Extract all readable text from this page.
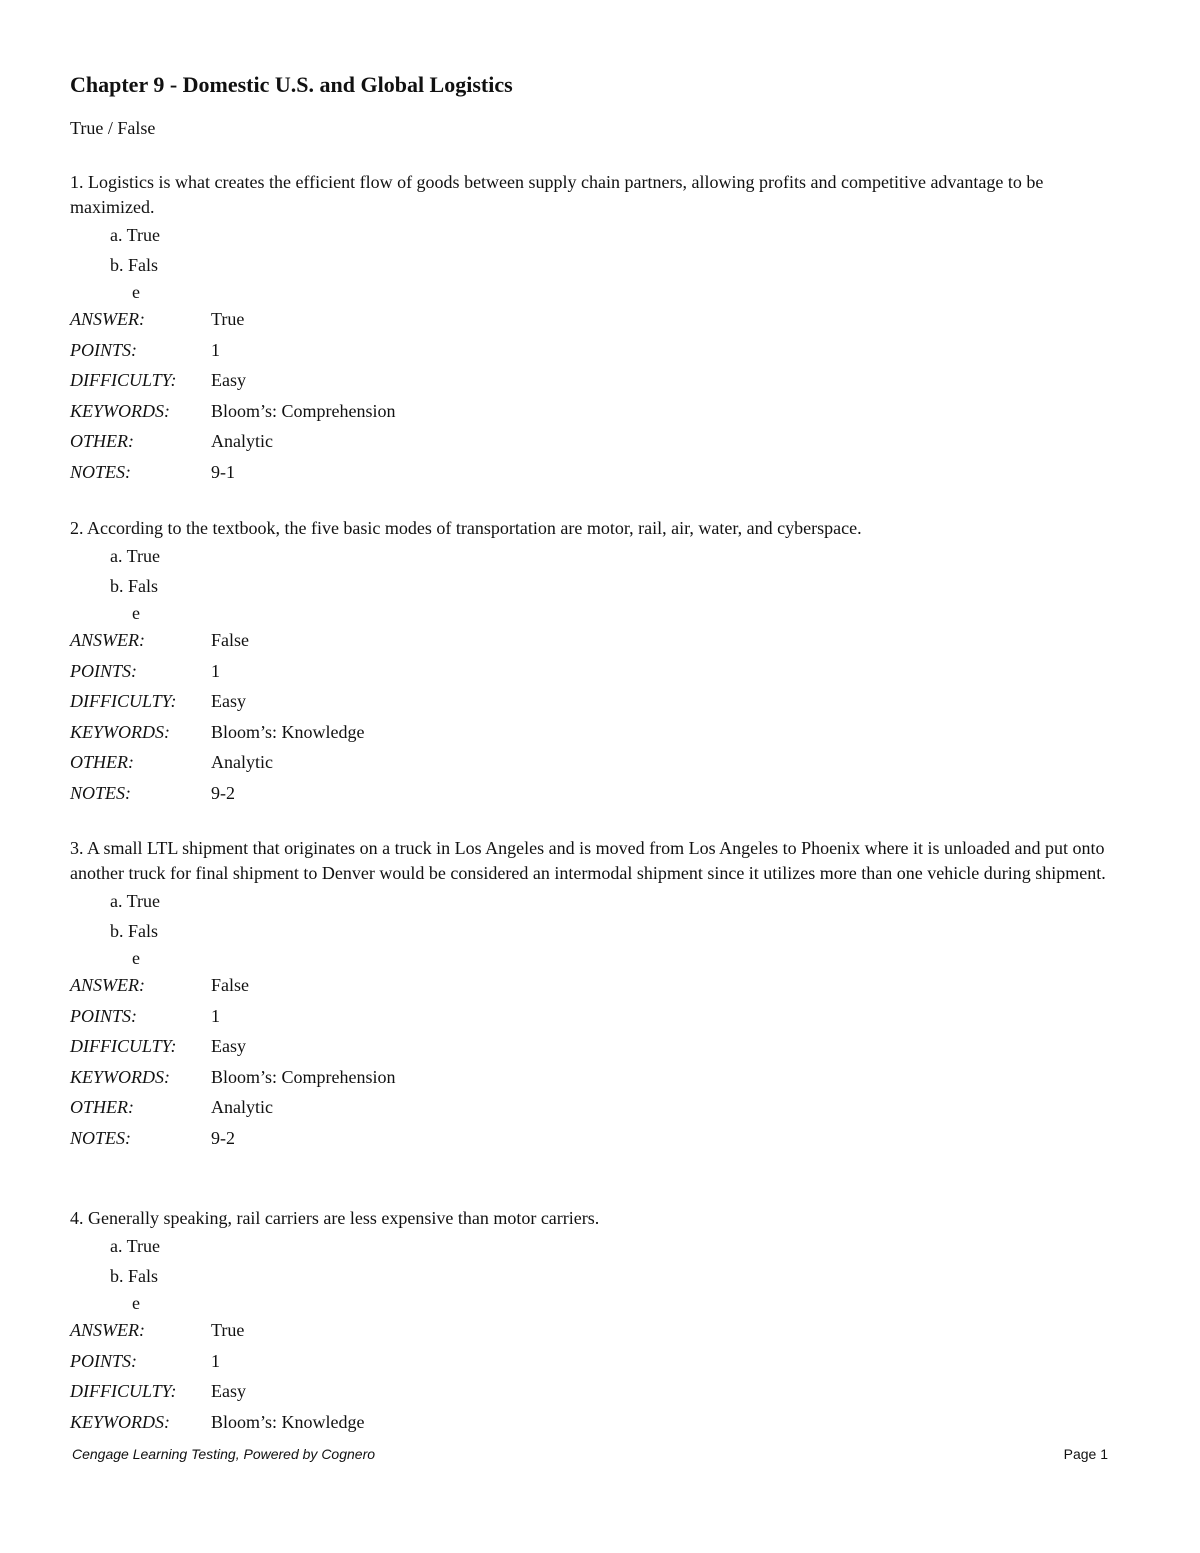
Chapter 9 - Domestic U.S. and Global Logistics
True / False

1. Logistics is what creates the efficient flow of goods between supply chain partners, allowing profits and competitive advantage to be maximized.

a. True
b. Fals
e
ANSWER:	True
POINTS:	1
DIFFICULTY:	Easy
KEYWORDS:	Bloom’s: Comprehension
OTHER:	Analytic
NOTES:	9-1

2. According to the textbook, the five basic modes of transportation are motor, rail, air, water, and cyberspace.

a. True
b. Fals
e
ANSWER:	False
POINTS:	1
DIFFICULTY:	Easy
KEYWORDS:	Bloom’s: Knowledge
OTHER:	Analytic
NOTES:	9-2

3. A small LTL shipment that originates on a truck in Los Angeles and is moved from Los Angeles to Phoenix where it is unloaded and put onto another truck for final shipment to Denver would be considered an intermodal shipment since it utilizes more than one vehicle during shipment.

a. True
b. Fals
e
ANSWER:	False
POINTS:	1
DIFFICULTY:	Easy
KEYWORDS:	Bloom’s: Comprehension
OTHER:	Analytic
NOTES:	9-2

4. Generally speaking, rail carriers are less expensive than motor carriers.

a. True
b. Fals
e
ANSWER:	True
POINTS:	1
DIFFICULTY:	Easy
KEYWORDS:	Bloom’s: Knowledge
Cengage Learning Testing, Powered by Cognero	Page 1
